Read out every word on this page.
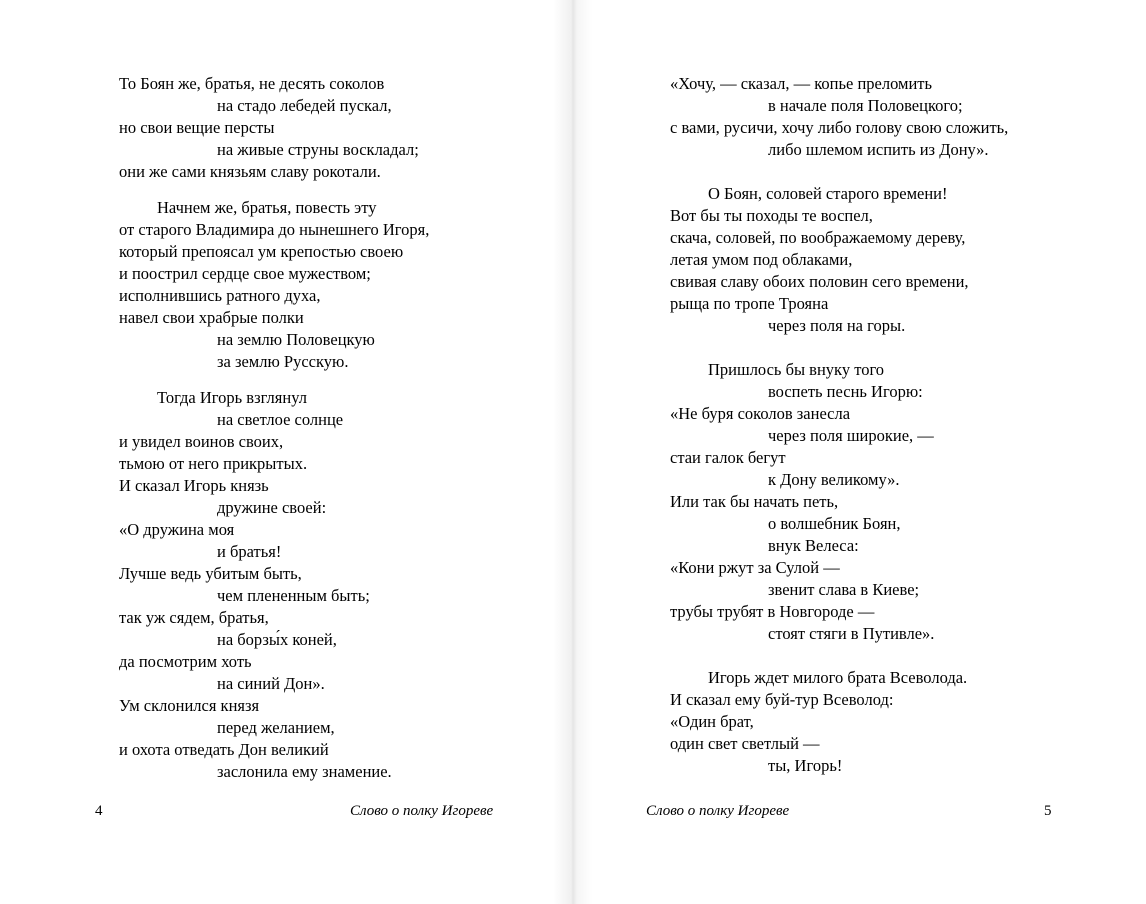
То Боян же, братья, не десять соколов
на стадо лебедей пускал,
но свои вещие персты
на живые струны воскладал;
они же сами князьям славу рокотали.
Начнем же, братья, повесть эту
от старого Владимира до нынешнего Игоря,
который препоясал ум крепостью своею
и поострил сердце свое мужеством;
исполнившись ратного духа,
навел свои храбрые полки
на землю Половецкую
за землю Русскую.
Тогда Игорь взглянул
на светлое солнце
и увидел воинов своих,
тьмою от него прикрытых.
И сказал Игорь князь
дружине своей:
«О дружина моя
и братья!
Лучше ведь убитым быть,
чем плененным быть;
так уж сядем, братья,
на борзы́х коней,
да посмотрим хоть
на синий Дон».
Ум склонился князя
перед желанием,
и охота отведать Дон великий
заслонила ему знамение.
4	Слово о полку Игореве
«Хочу, — сказал, — копье преломить
в начале поля Половецкого;
с вами, русичи, хочу либо голову свою сложить,
либо шлемом испить из Дону».
О Боян, соловей старого времени!
Вот бы ты походы те воспел,
скача, соловей, по воображаемому дереву,
летая умом под облаками,
свивая славу обоих половин сего времени,
рыща по тропе Трояна
через поля на горы.
Пришлось бы внуку того
воспеть песнь Игорю:
«Не буря соколов занесла
через поля широкие, —
стаи галок бегут
к Дону великому».
Или так бы начать петь,
о волшебник Боян,
внук Велеса:
«Кони ржут за Сулой —
звенит слава в Киеве;
трубы трубят в Новгороде —
стоят стяги в Путивле».
Игорь ждет милого брата Всеволода.
И сказал ему буй-тур Всеволод:
«Один брат,
один свет светлый —
ты, Игорь!
Слово о полку Игореве	5
